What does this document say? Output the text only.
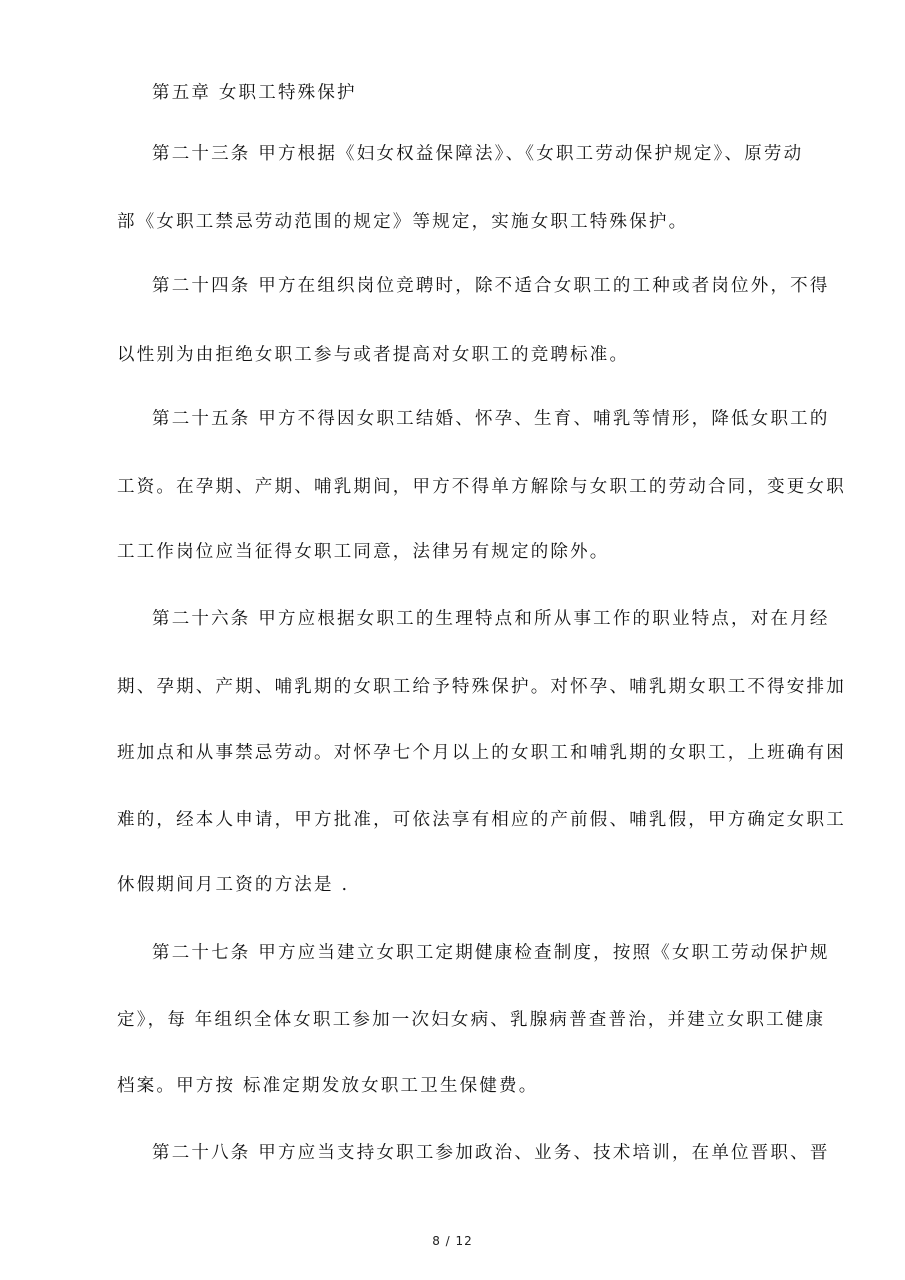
第五章 女职工特殊保护
第二十三条 甲方根据《妇女权益保障法》、《女职工劳动保护规定》、原劳动
部《女职工禁忌劳动范围的规定》等规定，实施女职工特殊保护。
第二十四条 甲方在组织岗位竞聘时，除不适合女职工的工种或者岗位外，不得
以性别为由拒绝女职工参与或者提高对女职工的竞聘标准。
第二十五条 甲方不得因女职工结婚、怀孕、生育、哺乳等情形，降低女职工的
工资。在孕期、产期、哺乳期间，甲方不得单方解除与女职工的劳动合同，变更女职
工工作岗位应当征得女职工同意，法律另有规定的除外。
第二十六条 甲方应根据女职工的生理特点和所从事工作的职业特点，对在月经
期、孕期、产期、哺乳期的女职工给予特殊保护。对怀孕、哺乳期女职工不得安排加
班加点和从事禁忌劳动。对怀孕七个月以上的女职工和哺乳期的女职工，上班确有困
难的，经本人申请，甲方批准，可依法享有相应的产前假、哺乳假，甲方确定女职工
休假期间月工资的方法是 .
第二十七条 甲方应当建立女职工定期健康检查制度，按照《女职工劳动保护规
定》，每 年组织全体女职工参加一次妇女病、乳腺病普查普治，并建立女职工健康
档案。甲方按 标准定期发放女职工卫生保健费。
第二十八条 甲方应当支持女职工参加政治、业务、技术培训，在单位晋职、晋
8 / 12
